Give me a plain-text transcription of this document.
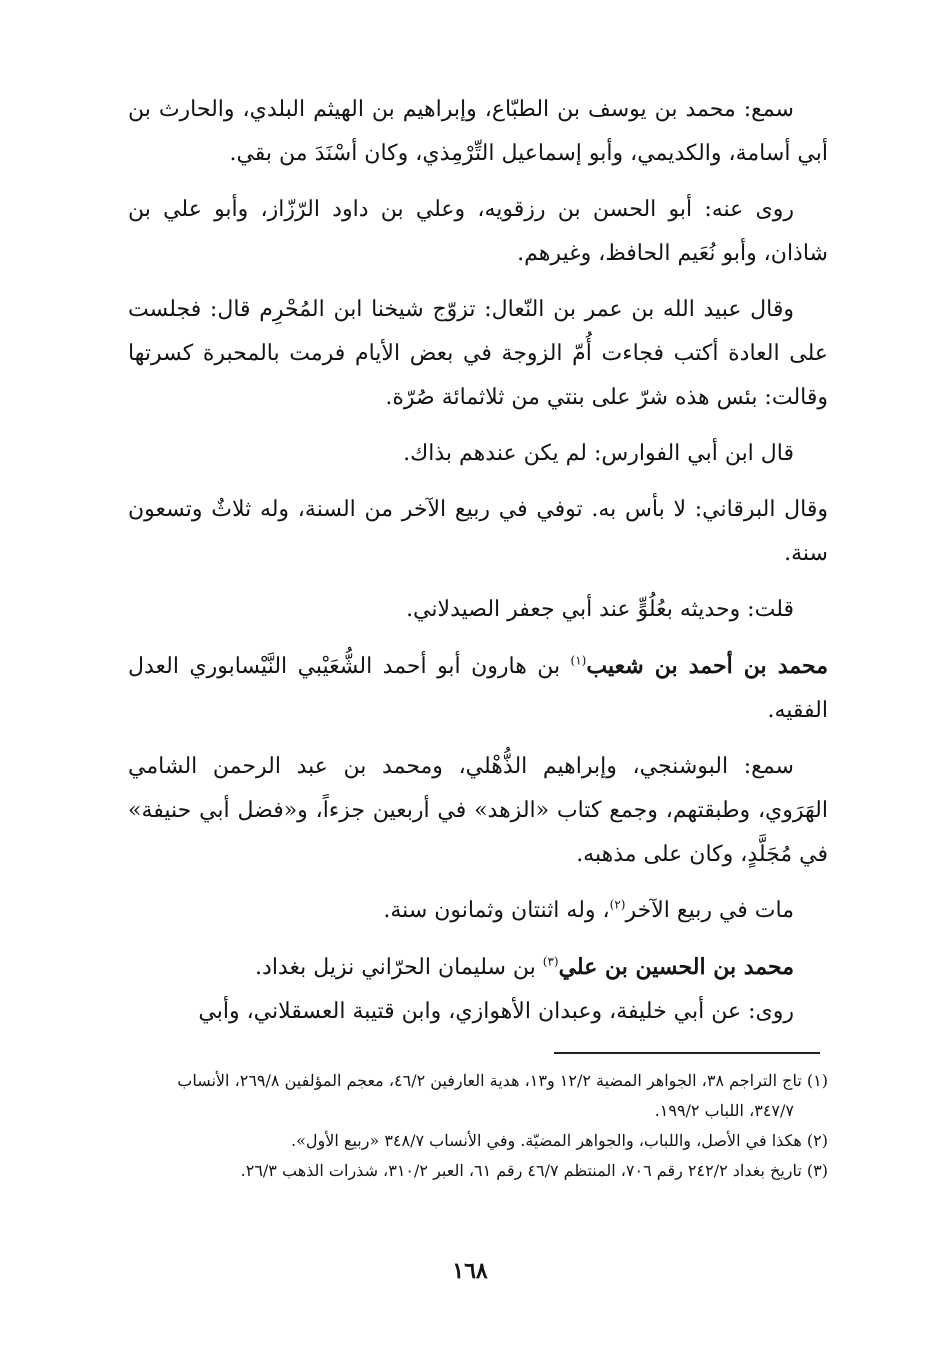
سمع: محمد بن يوسف بن الطبّاع، وإبراهيم بن الهيثم البلدي، والحارث بن أبي أسامة، والكديمي، وأبو إسماعيل التِّرْمِذي، وكان أسْنَدَ من بقي.

روى عنه: أبو الحسن بن رزقويه، وعلي بن داود الرّزّاز، وأبو علي بن شاذان، وأبو نُعَيم الحافظ، وغيرهم.

وقال عبيد الله بن عمر بن النّعال: تزوّج شيخنا ابن المُحْرِم قال: فجلست على العادة أكتب فجاءت أُمّ الزوجة في بعض الأيام فرمت بالمحبرة كسرتها وقالت: بئس هذه شرّ على بنتي من ثلاثمائة صُرّة.

قال ابن أبي الفوارس: لم يكن عندهم بذاك.

وقال البرقاني: لا بأس به. توفي في ربيع الآخر من السنة، وله ثلاثٌ وتسعون سنة.

قلت: وحديثه بعُلُوٍّ عند أبي جعفر الصيدلاني.

محمد بن أحمد بن شعيب$^{(١)}$ بن هارون أبو أحمد الشُّعَيْبي النَّيْسابوري العدل الفقيه.

سمع: البوشنجي، وإبراهيم الذُّهْلي، ومحمد بن عبد الرحمن الشامي الهَرَوي، وطبقتهم، وجمع كتاب «الزهد» في أربعين جزءاً، و«فضل أبي حنيفة» في مُجَلَّدٍ، وكان على مذهبه.

مات في ربيع الآخر$^{(٢)}$، وله اثنتان وثمانون سنة.

محمد بن الحسين بن علي$^{(٣)}$ بن سليمان الحرّاني نزيل بغداد.

روى: عن أبي خليفة، وعبدان الأهوازي، وابن قتيبة العسقلاني، وأبي

(١) تاج التراجم ٣٨، الجواهر المضية ١٢/٢ و١٣، هدية العارفين ٤٦/٢، معجم المؤلفين ٢٦٩/٨، الأنساب ٣٤٧/٧، اللباب ١٩٩/٢.

(٢) هكذا في الأصل، واللباب، والجواهر المضيّة. وفي الأنساب ٣٤٨/٧ «ربيع الأول».

(٣) تاريخ بغداد ٢٤٢/٢ رقم ٧٠٦، المنتظم ٤٦/٧ رقم ٦١، العبر ٣١٠/٢، شذرات الذهب ٢٦/٣.

١٦٨
